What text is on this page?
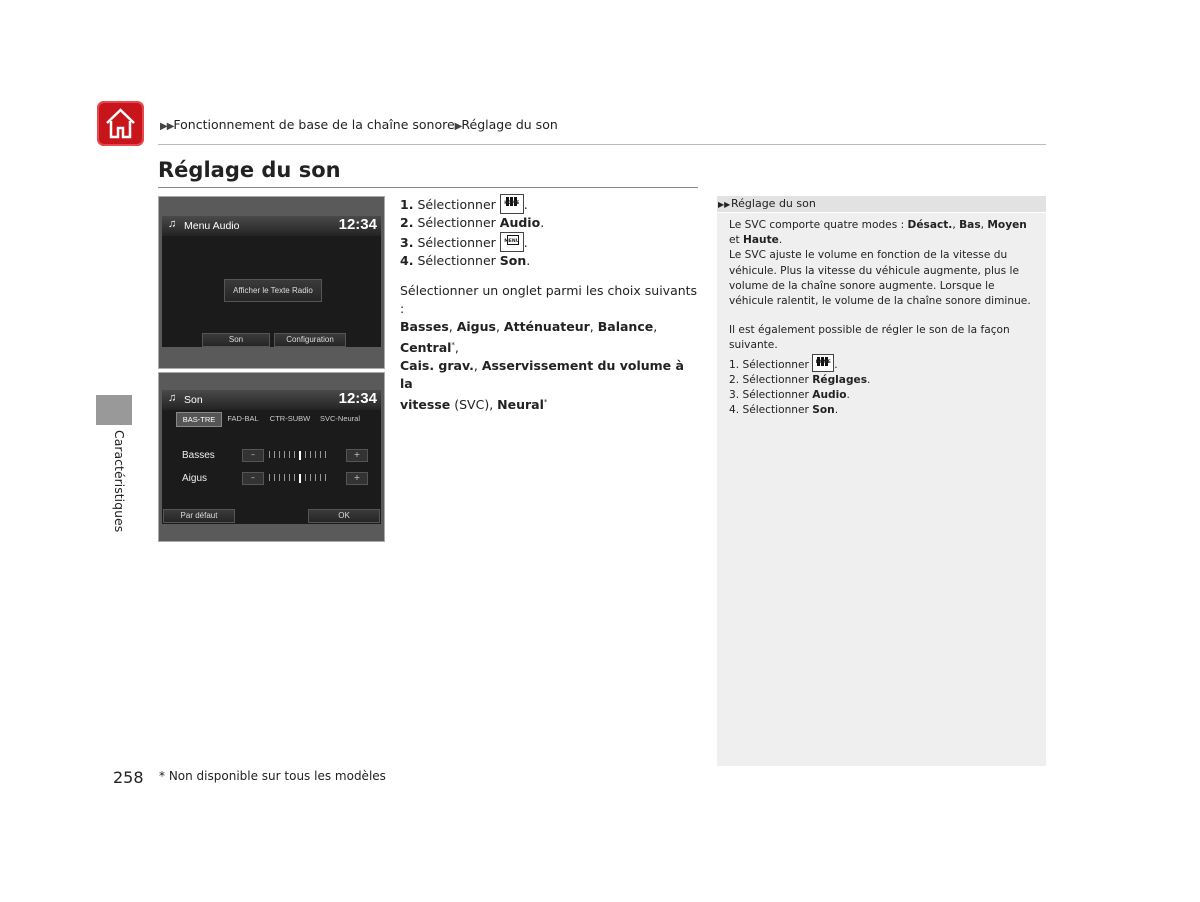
▶▶Fonctionnement de base de la chaîne sonore▶Réglage du son
Réglage du son
Caractéristiques
♫ Menu Audio	12:34
Afficher le Texte Radio
Son	Configuration
♫ Son	12:34
BAS-TRE	FAD-BAL	CTR-SUBW	SVC-Neural
Basses	–	+
Aigus	–	+
Par défaut	OK
1. Sélectionner	HOME .
2. Sélectionner Audio.
3. Sélectionner	MENU .
4. Sélectionner Son.
Sélectionner un onglet parmi les choix suivants :
Basses, Aigus, Atténuateur, Balance, Central*,
Cais. grav., Asservissement du volume à la
vitesse (SVC), Neural*
▶▶ Réglage du son

Le SVC comporte quatre modes : Désact., Bas, Moyen et Haute.

Le SVC ajuste le volume en fonction de la vitesse du véhicule. Plus la vitesse du véhicule augmente, plus le volume de la chaîne sonore augmente. Lorsque le véhicule ralentit, le volume de la chaîne sonore diminue.

Il est également possible de régler le son de la façon suivante.

1. Sélectionner	HOME .

2. Sélectionner Réglages.

3. Sélectionner Audio.

4. Sélectionner Son.

258 * Non disponible sur tous les modèles
